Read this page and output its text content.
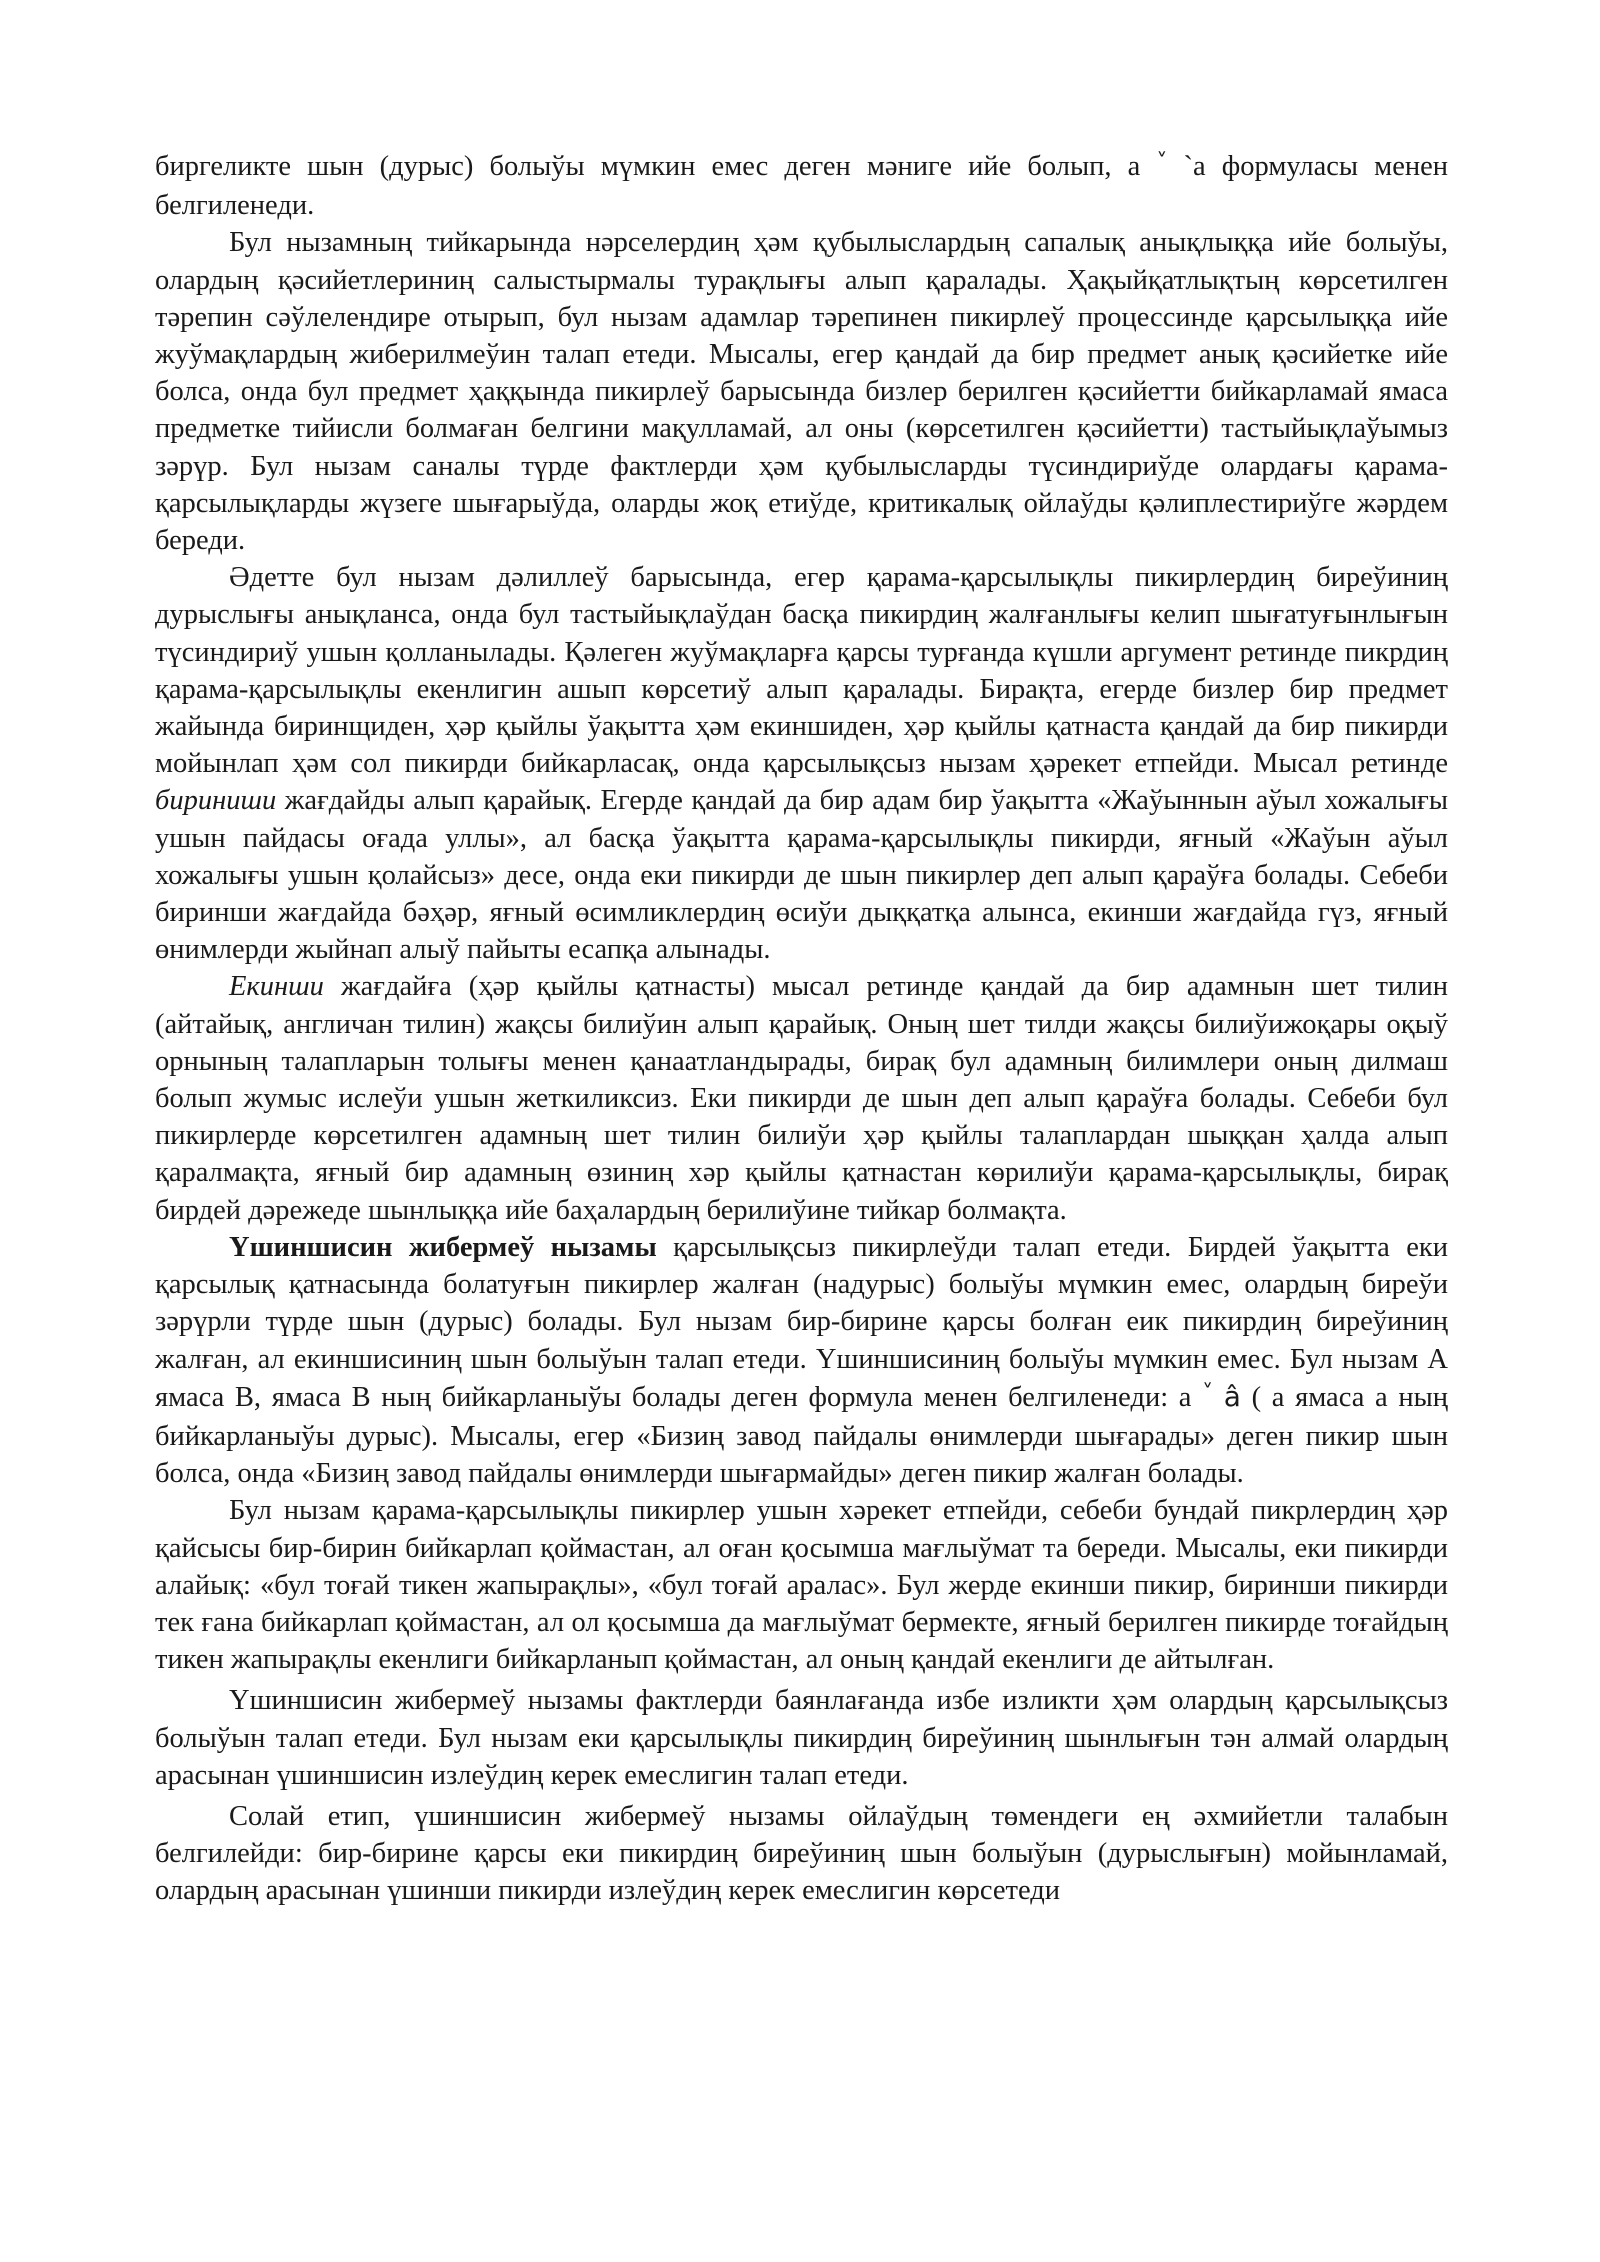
биргеликте шын (дурыс) болыўы мүмкин емес деген мәниге ийе болып, а ˅ `а формуласы менен белгиленеди.

Бул нызамның тийкарында нәрселердиң ҳәм қубылыслардың сапалық анықлыққа ийе болыўы, олардың қәсийетлериниң салыстырмалы турақлығы алып қаралады. Ҳақыйқатлықтың көрсетилген тәрепин сәўлелендире отырып, бул нызам адамлар тәрепинен пикирлеў процессинде қарсылыққа ийе жуўмақлардың жиберилмеўин талап етеди. Мысалы, егер қандай да бир предмет анық қәсийетке ийе болса, онда бул предмет ҳаққында пикирлеў барысында бизлер берилген қәсийетти бийкарламай ямаса предметке тийисли болмаған белгини мақулламай, ал оны (көрсетилген қәсийетти) тастыйықлаўымыз зәрүр. Бул нызам саналы түрде фактлерди ҳәм қубылысларды түсиндириўде олардағы қарама-қарсылықларды жүзеге шығарыўда, оларды жоқ етиўде, критикалық ойлаўды қәлиплестириўге жәрдем береди.

Әдетте бул нызам дәлиллеў барысында, егер қарама-қарсылықлы пикирлердиң биреўиниң дурыслығы анықланса, онда бул тастыйықлаўдан басқа пикирдиң жалғанлығы келип шығатуғынлығын түсиндириў ушын қолланылады. Қәлеген жуўмақларға қарсы турғанда күшли аргумент ретинде пикрдиң қарама-қарсылықлы екенлигин ашып көрсетиў алып қаралады. Бирақта, егерде бизлер бир предмет жайында биринщиден, ҳәр қыйлы ўақытта ҳәм екиншиден, ҳәр қыйлы қатнаста қандай да бир пикирди мойынлап ҳәм сол пикирди бийкарласақ, онда қарсылықсыз нызам ҳәрекет етпейди. Мысал ретинде бириниши жағдайды алып қарайық. Егерде қандай да бир адам бир ўақытта «Жаўыннын аўыл хожалығы ушын пайдасы оғада уллы», ал басқа ўақытта қарама-қарсылықлы пикирди, яғный «Жаўын аўыл хожалығы ушын қолайсыз» десе, онда еки пикирди де шын пикирлер деп алып қараўға болады. Себеби биринши жағдайда бәҳәр, яғный өсимликлердиң өсиўи дыққатқа алынса, екинши жағдайда гүз, яғный өнимлерди жыйнап алыў пайыты есапқа алынады.

Екинши жағдайға (ҳәр қыйлы қатнасты) мысал ретинде қандай да бир адамнын шет тилин (айтайық, англичан тилин) жақсы билиўин алып қарайық. Оның шет тилди жақсы билиўижоқары оқыў орнының талапларын толығы менен қанаатландырады, бирақ бул адамның билимлери оның дилмаш болып жумыс ислеўи ушын жеткиликсиз. Еки пикирди де шын деп алып қараўға болады. Себеби бул пикирлерде көрсетилген адамның шет тилин билиўи ҳәр қыйлы талаплардан шыққан ҳалда алып қаралмақта, яғный бир адамның өзиниң хәр қыйлы қатнастан көрилиўи қарама-қарсылықлы, бирақ бирдей дәрежеде шынлыққа ийе баҳалардың берилиўине тийкар болмақта.

Үшиншисин жибермеў нызамы қарсылықсыз пикирлеўди талап етеди. Бирдей ўақытта еки қарсылық қатнасында болатуғын пикирлер жалған (надурыс) болыўы мүмкин емес, олардың биреўи зәрүрли түрде шын (дурыс) болады. Бул нызам бир-бирине қарсы болған еик пикирдиң биреўиниң жалған, ал екиншисиниң шын болыўын талап етеди. Үшиншисиниң болыўы мүмкин емес. Бул нызам А ямаса В, ямаса В ның бийкарланыўы болады деген формула менен белгиленеди: а ˅ â ( а ямаса а ның бийкарланыўы дурыс). Мысалы, егер «Бизиң завод пайдалы өнимлерди шығарады» деген пикир шын болса, онда «Бизиң завод пайдалы өнимлерди шығармайды» деген пикир жалған болады.

Бул нызам қарама-қарсылықлы пикирлер ушын хәрекет етпейди, себеби бундай пикрлердиң ҳәр қайсысы бир-бирин бийкарлап қоймастан, ал оған қосымша мағлыўмат та береди. Мысалы, еки пикирди алайық: «бул тоғай тикен жапырақлы», «бул тоғай аралас». Бул жерде екинши пикир, биринши пикирди тек ғана бийкарлап қоймастан, ал ол қосымша да мағлыўмат бермекте, яғный берилген пикирде тоғайдың тикен жапырақлы екенлиги бийкарланып қоймастан, ал оның қандай екенлиги де айтылған.

Үшиншисин жибермеў нызамы фактлерди баянлағанда избе изликти ҳәм олардың қарсылықсыз болыўын талап етеди. Бул нызам еки қарсылықлы пикирдиң биреўиниң шынлығын тән алмай олардың арасынан үшиншисин излеўдиң керек емеслигин талап етеди.

Солай етип, үшиншисин жибермеў нызамы ойлаўдың төмендеги ең әхмийетли талабын белгилейди: бир-бирине қарсы еки пикирдиң биреўиниң шын болыўын (дурыслығын) мойынламай, олардың арасынан үшинши пикирди излеўдиң керек емеслигин көрсетеди
